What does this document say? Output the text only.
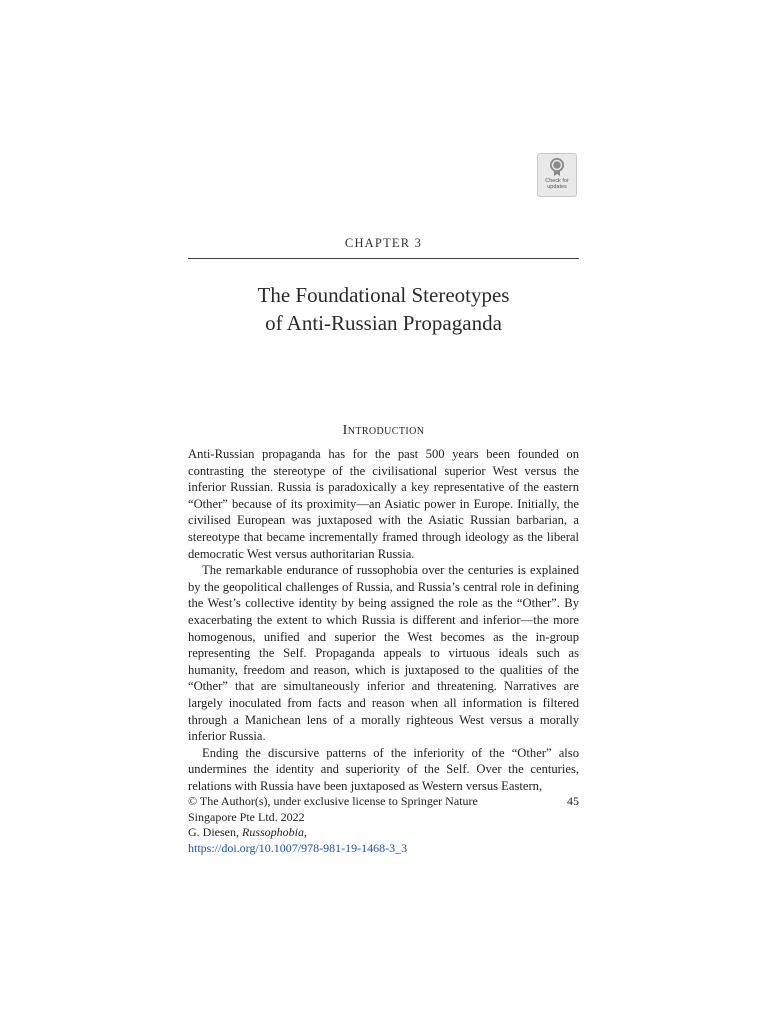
Check for
updates
CHAPTER 3
The Foundational Stereotypes
of Anti-Russian Propaganda
Introduction

Anti-Russian propaganda has for the past 500 years been founded on contrasting the stereotype of the civilisational superior West versus the inferior Russian. Russia is paradoxically a key representative of the eastern “Other” because of its proximity—an Asiatic power in Europe. Initially, the civilised European was juxtaposed with the Asiatic Russian barbarian, a stereotype that became incrementally framed through ideology as the liberal democratic West versus authoritarian Russia.

The remarkable endurance of russophobia over the centuries is explained by the geopolitical challenges of Russia, and Russia’s central role in defining the West’s collective identity by being assigned the role as the “Other”. By exacerbating the extent to which Russia is different and inferior—the more homogenous, unified and superior the West becomes as the in-group representing the Self. Propaganda appeals to virtuous ideals such as humanity, freedom and reason, which is juxtaposed to the qualities of the “Other” that are simultaneously inferior and threatening. Narratives are largely inoculated from facts and reason when all information is filtered through a Manichean lens of a morally righteous West versus a morally inferior Russia.

Ending the discursive patterns of the inferiority of the “Other” also undermines the identity and superiority of the Self. Over the centuries, relations with Russia have been juxtaposed as Western versus Eastern,

45
© The Author(s), under exclusive license to Springer Nature
Singapore Pte Ltd. 2022
G. Diesen, Russophobia,
https://doi.org/10.1007/978-981-19-1468-3_3
